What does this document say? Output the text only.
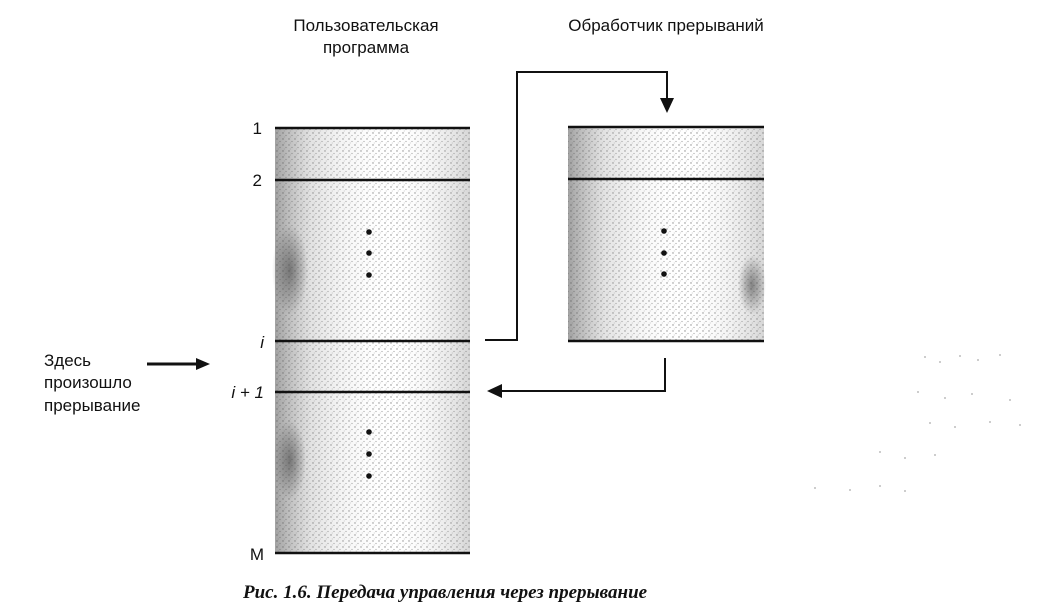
Пользовательская
программа
Обработчик прерываний
1
2
i
i + 1
M
Здесь
произошло
прерывание
Рис. 1.6. Передача управления через прерывание
